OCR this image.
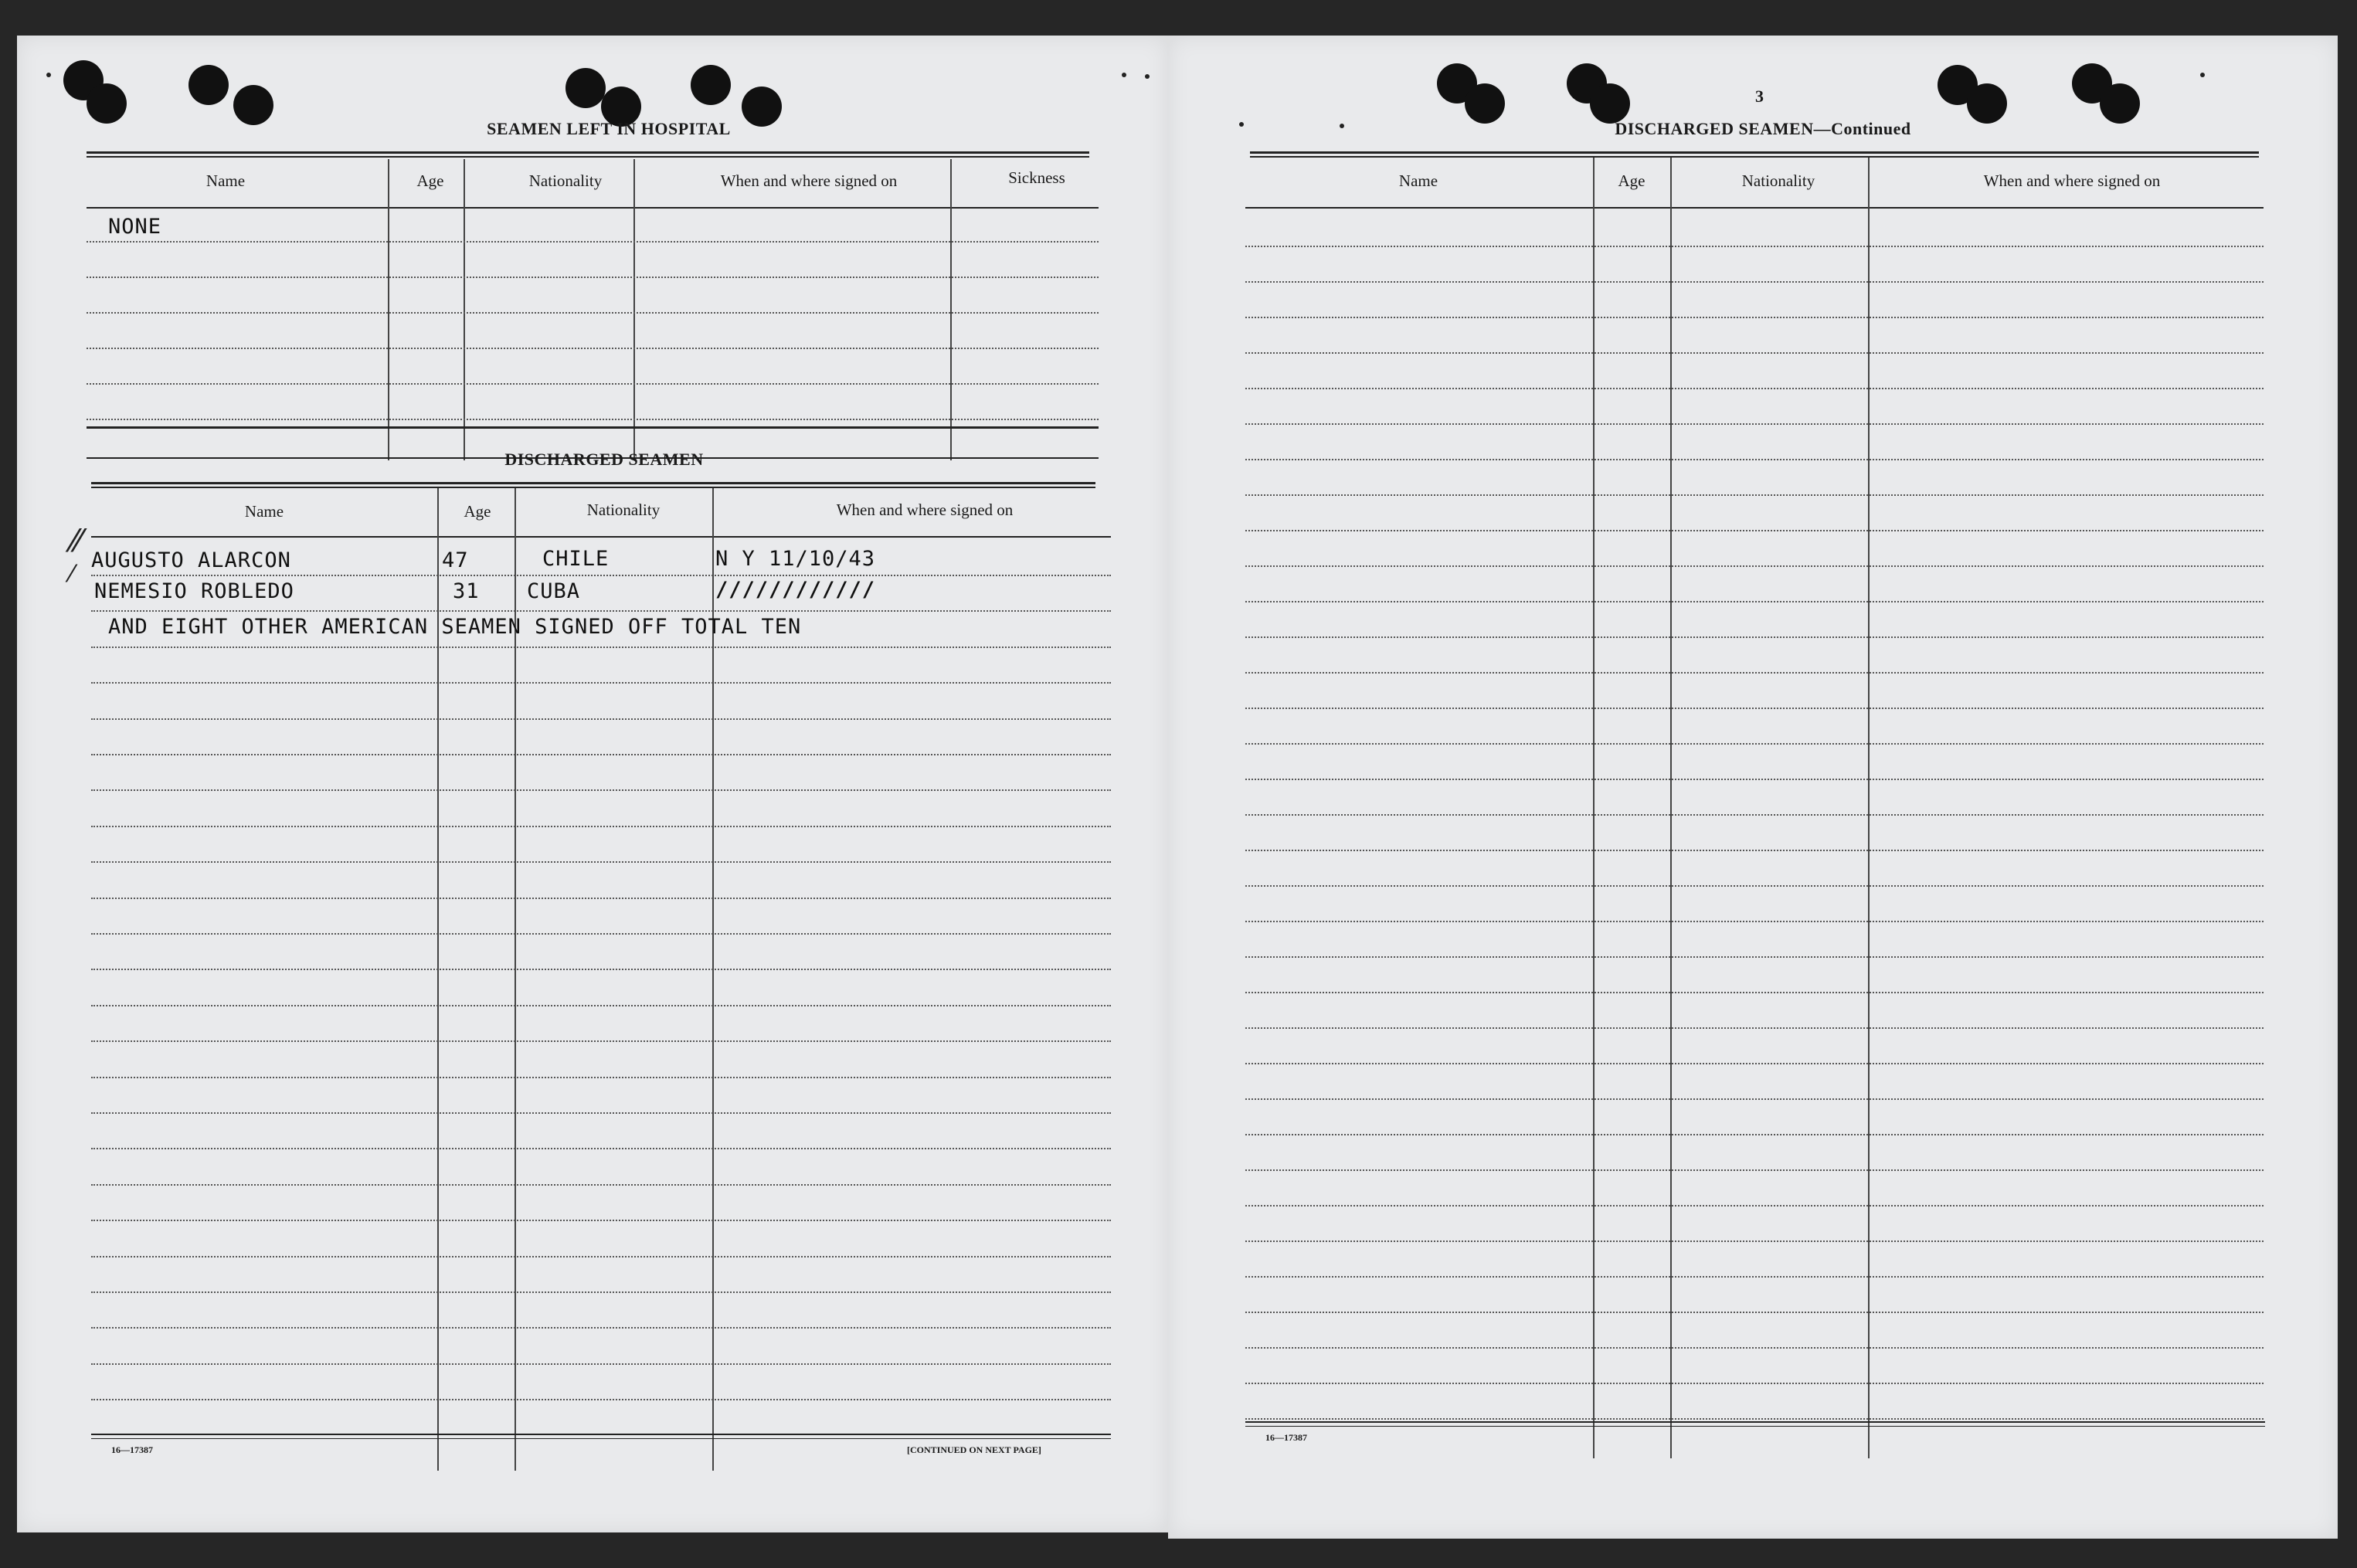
SEAMEN LEFT IN HOSPITAL
Name	Age	Nationality	When and where signed on	Sickness
NONE
DISCHARGED SEAMEN
Name	Age	Nationality	When and where signed on
⁄⁄
⁄
AUGUSTO ALARCON	47	CHILE	N Y 11/10/43
NEMESIO ROBLEDO	31 CUBA	////////////
AND EIGHT OTHER AMERICAN SEAMEN SIGNED OFF TOTAL TEN
16—17387	[CONTINUED ON NEXT PAGE]
3
DISCHARGED SEAMEN—Continued
Name	Age	Nationality	When and where signed on
16—17387
